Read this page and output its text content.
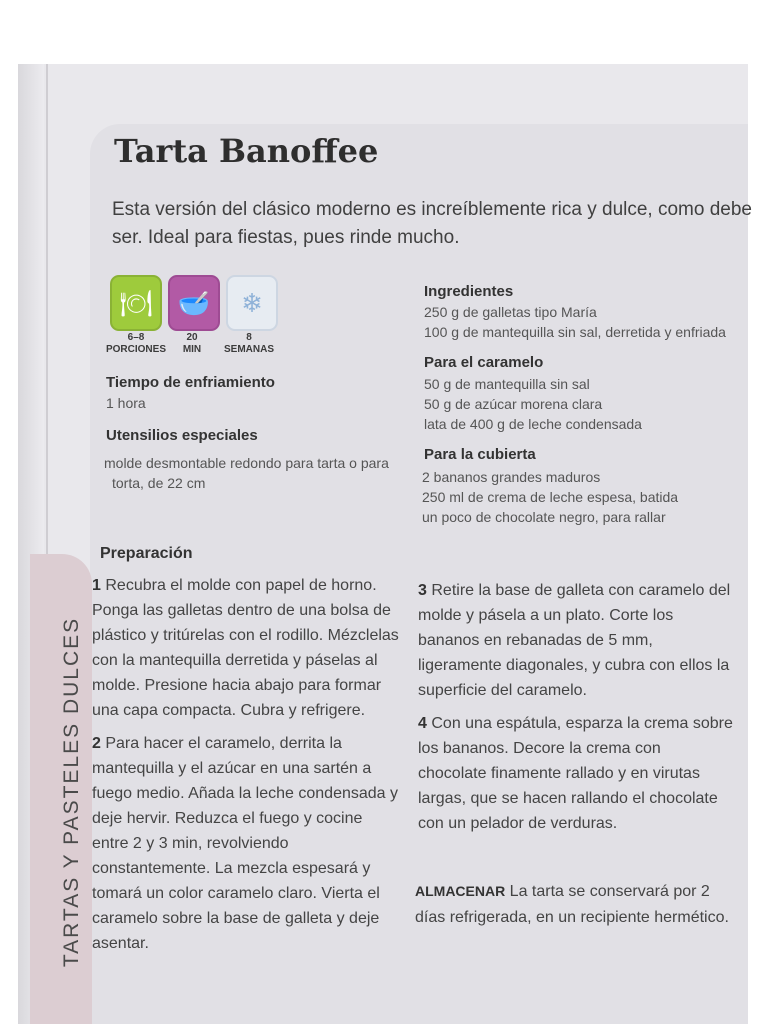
TARTAS Y PASTELES DULCES
Tarta Banoffee
Esta versión del clásico moderno es increíblemente rica y dulce, como debe ser. Ideal para fiestas, pues rinde mucho.
🍽 🥣	❄
6–8
PORCIONES
20
MIN
8
SEMANAS
Tiempo de enfriamiento
1 hora
Utensilios especiales
molde desmontable redondo para tarta o para
torta, de 22 cm
Ingredientes
250 g de galletas tipo María
100 g de mantequilla sin sal, derretida y enfriada
Para el caramelo
50 g de mantequilla sin sal
50 g de azúcar morena clara
lata de 400 g de leche condensada
Para la cubierta
2 bananos grandes maduros
250 ml de crema de leche espesa, batida
un poco de chocolate negro, para rallar
Preparación

1 Recubra el molde con papel de horno. Ponga las galletas dentro de una bolsa de plástico y tritúrelas con el rodillo. Mézclelas con la mantequilla derretida y páselas al molde. Presione hacia abajo para formar una capa compacta. Cubra y refrigere.

2 Para hacer el caramelo, derrita la mantequilla y el azúcar en una sartén a fuego medio. Añada la leche condensada y deje hervir. Reduzca el fuego y cocine entre 2 y 3 min, revolviendo constantemente. La mezcla espesará y tomará un color caramelo claro. Vierta el caramelo sobre la base de galleta y deje asentar.

3 Retire la base de galleta con caramelo del molde y pásela a un plato. Corte los bananos en rebanadas de 5 mm, ligeramente diagonales, y cubra con ellos la superficie del caramelo.

4 Con una espátula, esparza la crema sobre los bananos. Decore la crema con chocolate finamente rallado y en virutas largas, que se hacen rallando el chocolate con un pelador de verduras.

ALMACENAR La tarta se conservará por 2 días refrigerada, en un recipiente hermético.
